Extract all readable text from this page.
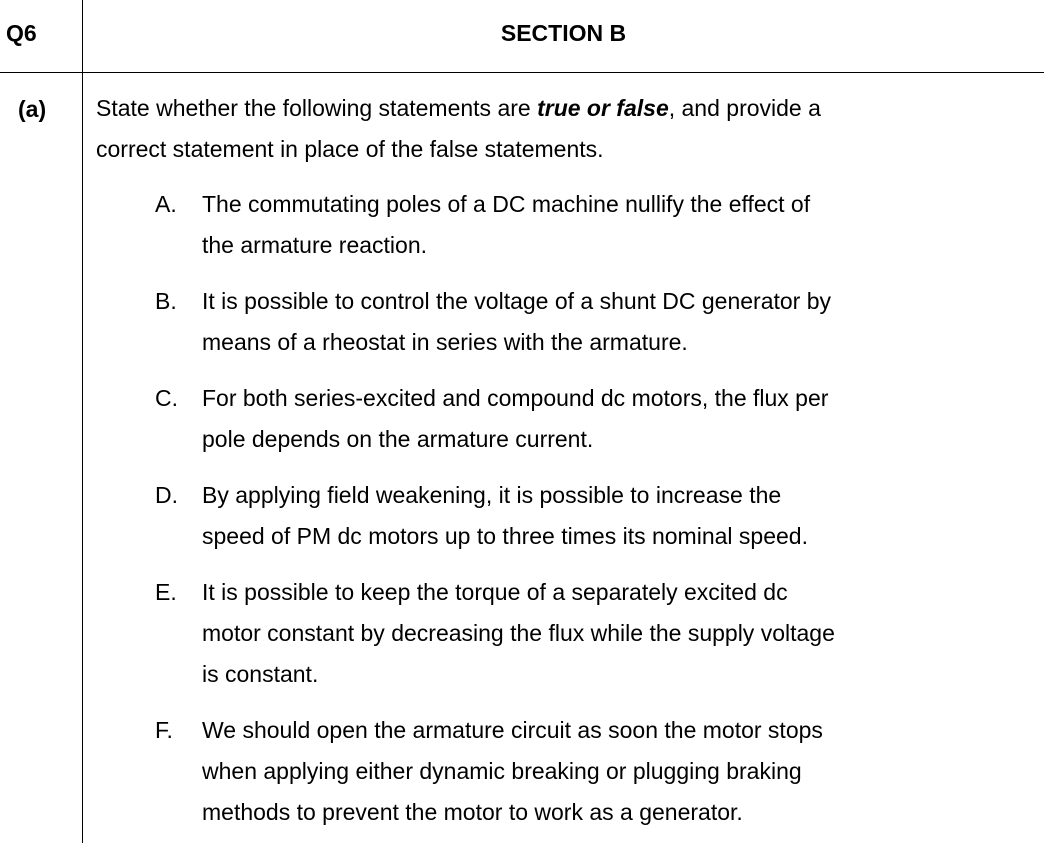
Q6	SECTION B
(a) State whether the following statements are true or false, and provide a
correct statement in place of the false statements.
A. The commutating poles of a DC machine nullify the effect of
the armature reaction.
B. It is possible to control the voltage of a shunt DC generator by
means of a rheostat in series with the armature.
C. For both series-excited and compound dc motors, the flux per
pole depends on the armature current.
D. By applying field weakening, it is possible to increase the
speed of PM dc motors up to three times its nominal speed.
E. It is possible to keep the torque of a separately excited dc
motor constant by decreasing the flux while the supply voltage
is constant.
F. We should open the armature circuit as soon the motor stops
when applying either dynamic breaking or plugging braking
methods to prevent the motor to work as a generator.
